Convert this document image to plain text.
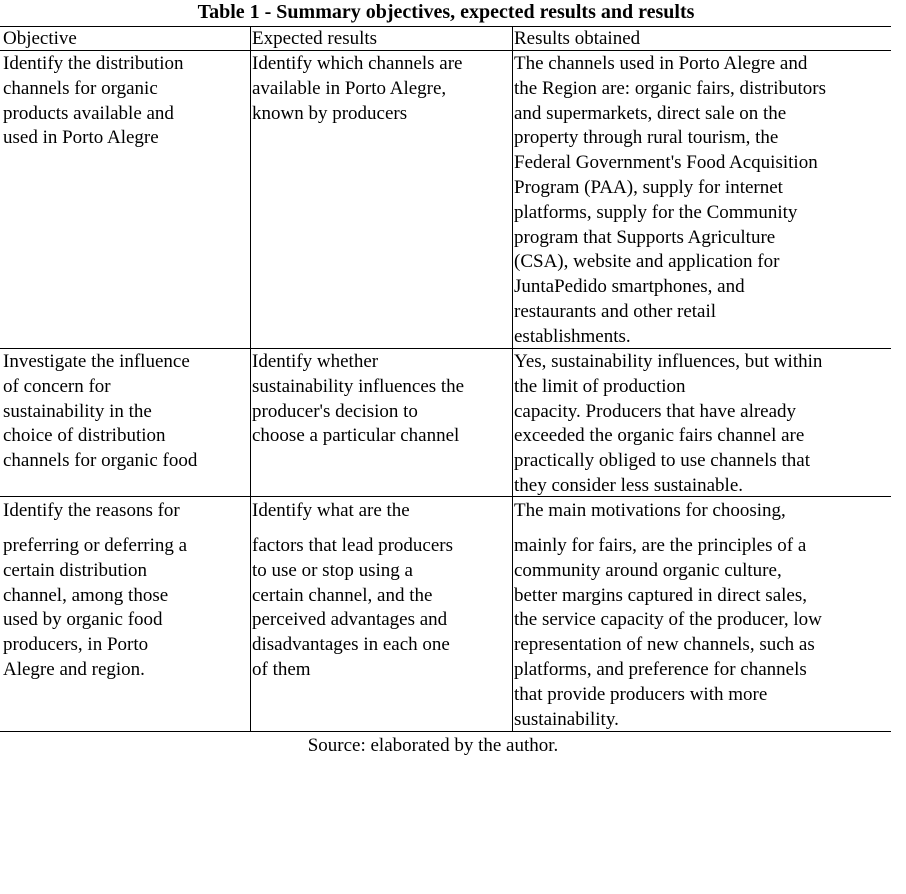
Table 1 - Summary objectives, expected results and results
Objective	Expected results	Results obtained
Identify the distribution
channels for organic
products available and
used in Porto Alegre
Identify which channels are
available in Porto Alegre,
known by producers
The channels used in Porto Alegre and
the Region are: organic fairs, distributors
and supermarkets, direct sale on the
property through rural tourism, the
Federal Government's Food Acquisition
Program (PAA), supply for internet
platforms, supply for the Community
program that Supports Agriculture
(CSA), website and application for
JuntaPedido smartphones, and
restaurants and other retail
establishments.
Investigate the influence
of concern for
sustainability in the
choice of distribution
channels for organic food
Identify whether
sustainability influences the
producer's decision to
choose a particular channel
Yes, sustainability influences, but within
the limit of production
capacity. Producers that have already
exceeded the organic fairs channel are
practically obliged to use channels that
they consider less sustainable.
Identify the reasons for
preferring or deferring a
certain distribution
channel, among those
used by organic food
producers, in Porto
Alegre and region.
Identify what are the
factors that lead producers
to use or stop using a
certain channel, and the
perceived advantages and
disadvantages in each one
of them
The main motivations for choosing,
mainly for fairs, are the principles of a
community around organic culture,
better margins captured in direct sales,
the service capacity of the producer, low
representation of new channels, such as
platforms, and preference for channels
that provide producers with more
sustainability.
Source: elaborated by the author.
